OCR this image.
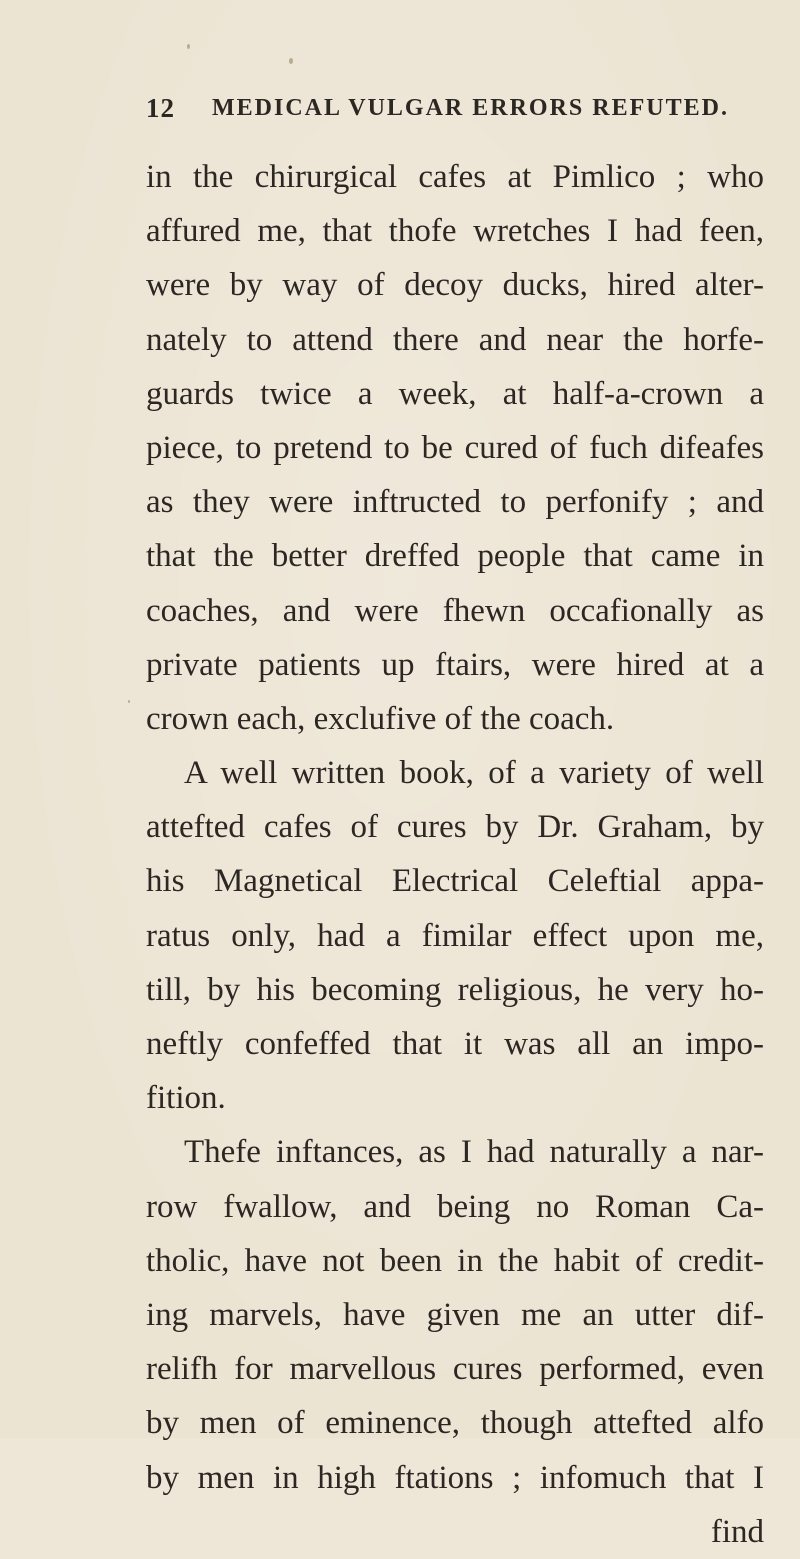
12 MEDICAL VULGAR ERRORS REFUTED.
in the chirurgical cafes at Pimlico ; who
affured me, that thofe wretches I had feen,
were by way of decoy ducks, hired alter-
nately to attend there and near the horfe-
guards twice a week, at half-a-crown a
piece, to pretend to be cured of fuch difeafes
as they were inftructed to perfonify ; and
that the better dreffed people that came in
coaches, and were fhewn occafionally as
private patients up ftairs, were hired at a
crown each, exclufive of the coach.
A well written book, of a variety of well
attefted cafes of cures by Dr. Graham, by
his Magnetical Electrical Celeftial appa-
ratus only, had a fimilar effect upon me,
till, by his becoming religious, he very ho-
neftly confeffed that it was all an impo-
fition.
Thefe inftances, as I had naturally a nar-
row fwallow, and being no Roman Ca-
tholic, have not been in the habit of credit-
ing marvels, have given me an utter dif-
relifh for marvellous cures performed, even
by men of eminence, though attefted alfo
by men in high ftations ; infomuch that I
find
